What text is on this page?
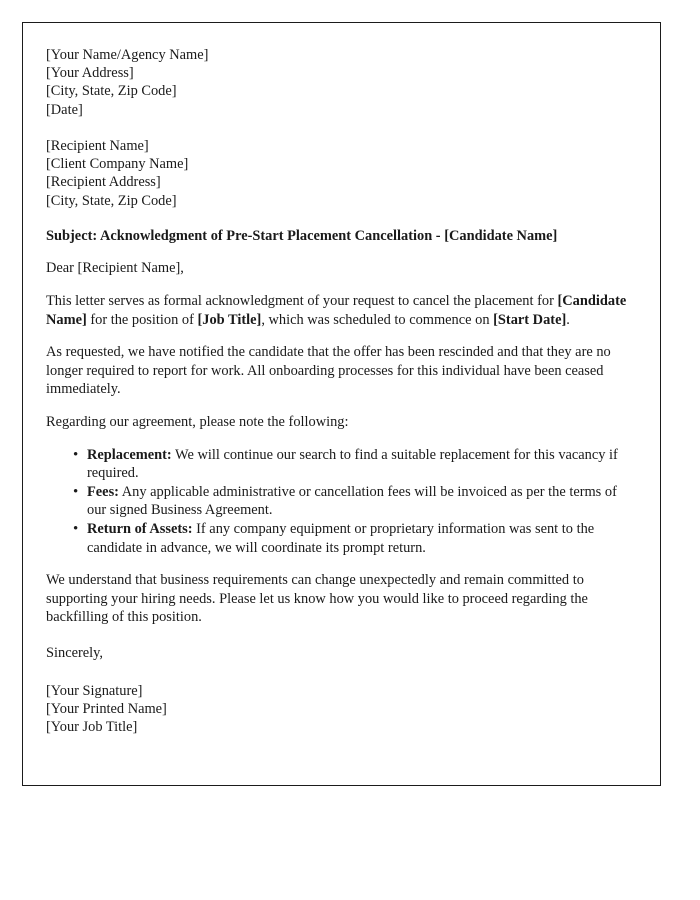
[Your Name/Agency Name]
[Your Address]
[City, State, Zip Code]
[Date]
[Recipient Name]
[Client Company Name]
[Recipient Address]
[City, State, Zip Code]

Subject: Acknowledgment of Pre-Start Placement Cancellation - [Candidate Name]

Dear [Recipient Name],

This letter serves as formal acknowledgment of your request to cancel the placement for [Candidate Name] for the position of [Job Title], which was scheduled to commence on [Start Date].

As requested, we have notified the candidate that the offer has been rescinded and that they are no longer required to report for work. All onboarding processes for this individual have been ceased immediately.

Regarding our agreement, please note the following:

• Replacement: We will continue our search to find a suitable replacement for this vacancy if required.
• Fees: Any applicable administrative or cancellation fees will be invoiced as per the terms of our signed Business Agreement.
• Return of Assets: If any company equipment or proprietary information was sent to the candidate in advance, we will coordinate its prompt return.

We understand that business requirements can change unexpectedly and remain committed to supporting your hiring needs. Please let us know how you would like to proceed regarding the backfilling of this position.

Sincerely,

[Your Signature]
[Your Printed Name]
[Your Job Title]
